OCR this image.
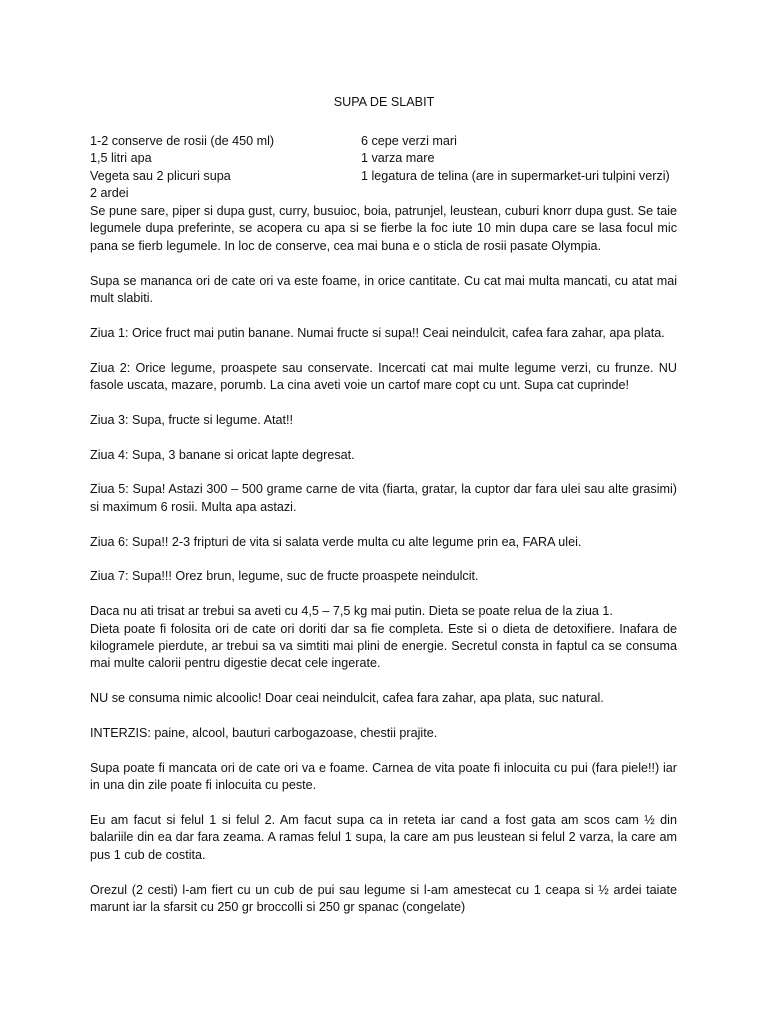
SUPA DE SLABIT
1-2 conserve de rosii (de 450 ml)	6 cepe verzi mari
1,5 litri apa	1 varza mare
Vegeta sau 2 plicuri supa	1 legatura de telina (are in supermarket-uri tulpini verzi)
2 ardei

Se pune sare, piper si dupa gust, curry, busuioc, boia, patrunjel, leustean, cuburi knorr dupa gust. Se taie legumele dupa preferinte, se acopera cu apa si se fierbe la foc iute 10 min dupa care se lasa focul mic pana se fierb legumele. In loc de conserve, cea mai buna e o sticla de rosii pasate Olympia.

Supa se mananca ori de cate ori va este foame, in orice cantitate. Cu cat mai multa mancati, cu atat mai mult slabiti.

Ziua 1: Orice fruct mai putin banane. Numai fructe si supa!! Ceai neindulcit, cafea fara zahar, apa plata.

Ziua 2: Orice legume, proaspete sau conservate. Incercati cat mai multe legume verzi, cu frunze. NU fasole uscata, mazare, porumb. La cina aveti voie un cartof mare copt cu unt. Supa cat cuprinde!

Ziua 3: Supa, fructe si legume. Atat!!

Ziua 4: Supa, 3 banane si oricat lapte degresat.

Ziua 5: Supa! Astazi 300 – 500 grame carne de vita (fiarta, gratar, la cuptor dar fara ulei sau alte grasimi) si maximum 6 rosii. Multa apa astazi.

Ziua 6: Supa!! 2-3 fripturi de vita si salata verde multa cu alte legume prin ea, FARA ulei.

Ziua 7: Supa!!! Orez brun, legume, suc de fructe proaspete neindulcit.

Daca nu ati trisat ar trebui sa aveti cu 4,5 – 7,5 kg mai putin. Dieta se poate relua de la ziua 1.

Dieta poate fi folosita ori de cate ori doriti dar sa fie completa. Este si o dieta de detoxifiere. Inafara de kilogramele pierdute, ar trebui sa va simtiti mai plini de energie. Secretul consta in faptul ca se consuma mai multe calorii pentru digestie decat cele ingerate.

NU se consuma nimic alcoolic! Doar ceai neindulcit, cafea fara zahar, apa plata, suc natural.

INTERZIS: paine, alcool, bauturi carbogazoase, chestii prajite.

Supa poate fi mancata ori de cate ori va e foame. Carnea de vita poate fi inlocuita cu pui (fara piele!!) iar in una din zile poate fi inlocuita cu peste.

Eu am facut si felul 1 si felul 2. Am facut supa ca in reteta iar cand a fost gata am scos cam ½ din balariile din ea dar fara zeama. A ramas felul 1 supa, la care am pus leustean si felul 2 varza, la care am pus 1 cub de costita.

Orezul (2 cesti) l-am fiert cu un cub de pui sau legume si l-am amestecat cu 1 ceapa si ½ ardei taiate marunt iar la sfarsit cu 250 gr broccolli si 250 gr spanac (congelate)
